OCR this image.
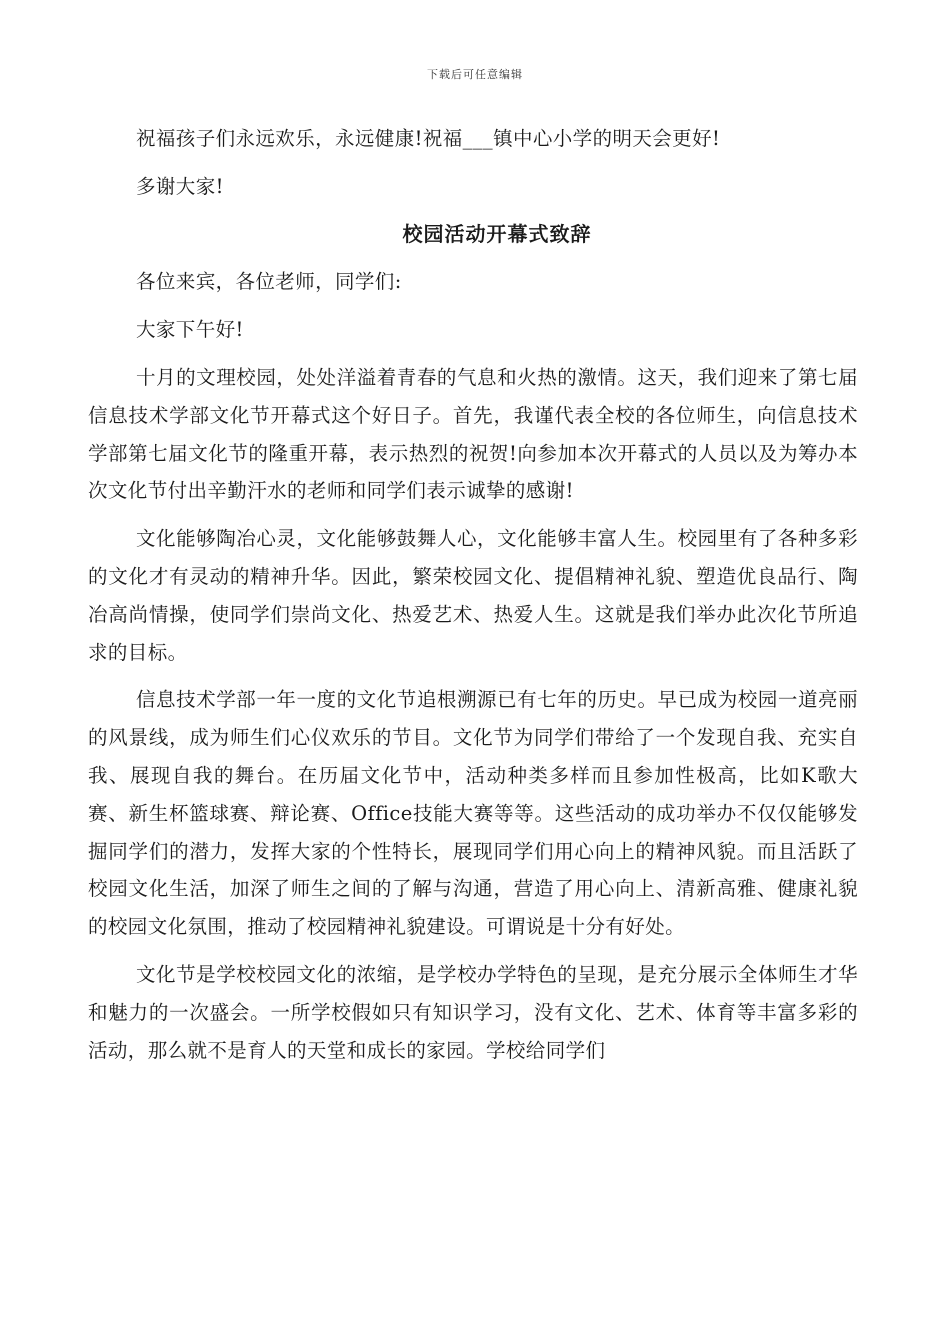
下载后可任意编辑

祝福孩子们永远欢乐，永远健康!祝福___镇中心小学的明天会更好!

多谢大家!

校园活动开幕式致辞

各位来宾，各位老师，同学们:

大家下午好!

十月的文理校园，处处洋溢着青春的气息和火热的激情。这天，我们迎来了第七届信息技术学部文化节开幕式这个好日子。首先，我谨代表全校的各位师生，向信息技术学部第七届文化节的隆重开幕，表示热烈的祝贺!向参加本次开幕式的人员以及为筹办本次文化节付出辛勤汗水的老师和同学们表示诚挚的感谢!

文化能够陶冶心灵，文化能够鼓舞人心，文化能够丰富人生。校园里有了各种多彩的文化才有灵动的精神升华。因此，繁荣校园文化、提倡精神礼貌、塑造优良品行、陶冶高尚情操，使同学们崇尚文化、热爱艺术、热爱人生。这就是我们举办此次化节所追求的目标。

信息技术学部一年一度的文化节追根溯源已有七年的历史。早已成为校园一道亮丽的风景线，成为师生们心仪欢乐的节目。文化节为同学们带给了一个发现自我、充实自我、展现自我的舞台。在历届文化节中，活动种类多样而且参加性极高，比如K歌大赛、新生杯篮球赛、辩论赛、Office技能大赛等等。这些活动的成功举办不仅仅能够发掘同学们的潜力，发挥大家的个性特长，展现同学们用心向上的精神风貌。而且活跃了校园文化生活，加深了师生之间的了解与沟通，营造了用心向上、清新高雅、健康礼貌的校园文化氛围，推动了校园精神礼貌建设。可谓说是十分有好处。

文化节是学校校园文化的浓缩，是学校办学特色的呈现，是充分展示全体师生才华和魅力的一次盛会。一所学校假如只有知识学习，没有文化、艺术、体育等丰富多彩的活动，那么就不是育人的天堂和成长的家园。学校给同学们
